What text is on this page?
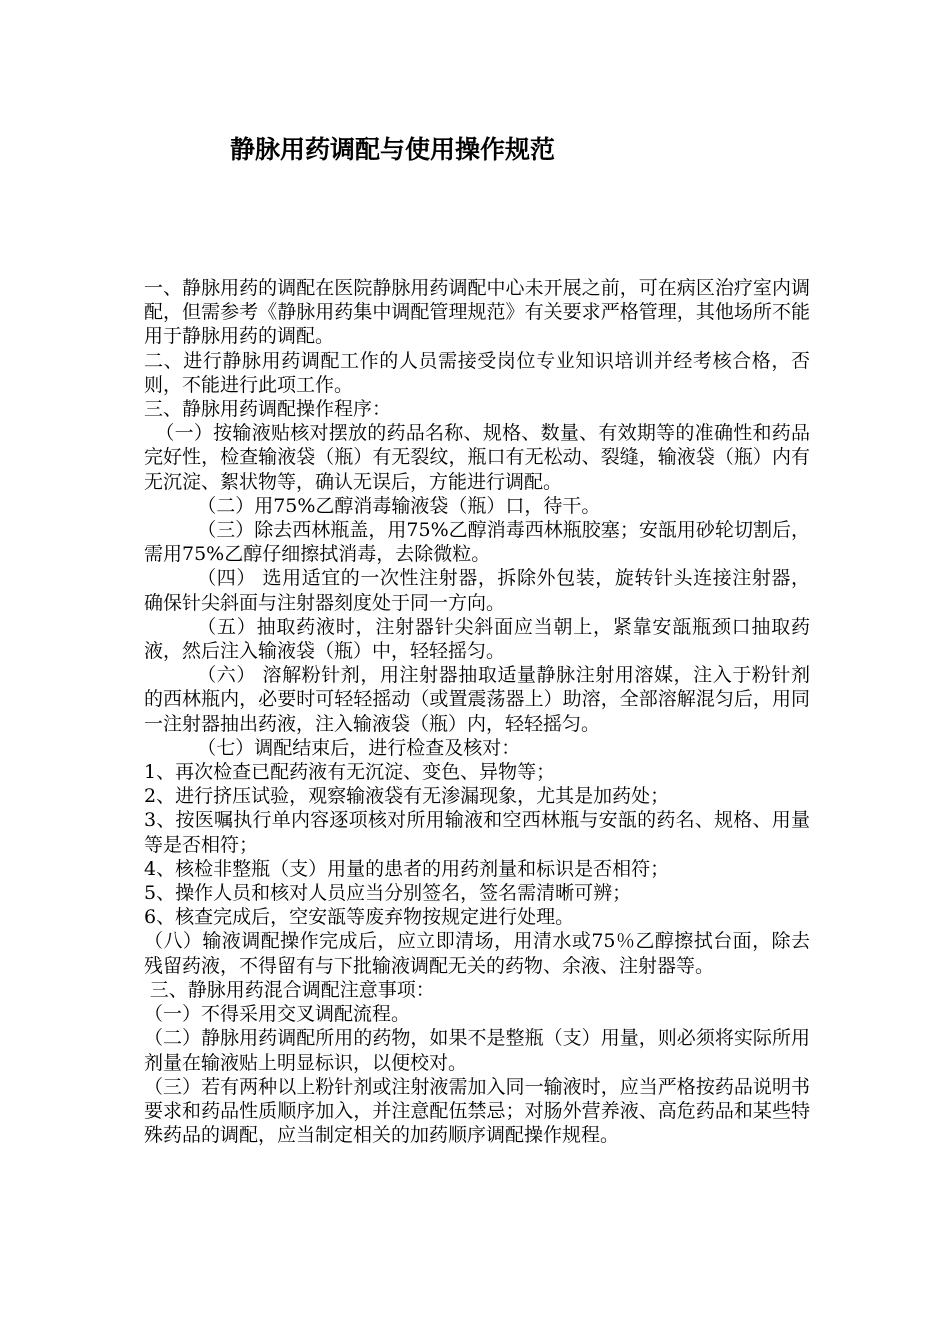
静脉用药调配与使用操作规范

一、静脉用药的调配在医院静脉用药调配中心未开展之前，可在病区治疗室内调配，但需参考《静脉用药集中调配管理规范》有关要求严格管理，其他场所不能用于静脉用药的调配。

二、进行静脉用药调配工作的人员需接受岗位专业知识培训并经考核合格，否则，不能进行此项工作。

三、静脉用药调配操作程序：

（一）按输液贴核对摆放的药品名称、规格、数量、有效期等的准确性和药品完好性，检查输液袋（瓶）有无裂纹，瓶口有无松动、裂缝，输液袋（瓶）内有无沉淀、絮状物等，确认无误后，方能进行调配。

（二）用75%乙醇消毒输液袋（瓶）口，待干。

（三）除去西林瓶盖，用75%乙醇消毒西林瓶胶塞；安瓿用砂轮切割后，需用75%乙醇仔细擦拭消毒，去除微粒。

（四） 选用适宜的一次性注射器，拆除外包装，旋转针头连接注射器，确保针尖斜面与注射器刻度处于同一方向。

（五）抽取药液时，注射器针尖斜面应当朝上，紧靠安瓿瓶颈口抽取药液，然后注入输液袋（瓶）中，轻轻摇匀。

（六） 溶解粉针剂，用注射器抽取适量静脉注射用溶媒，注入于粉针剂的西林瓶内，必要时可轻轻摇动（或置震荡器上）助溶，全部溶解混匀后，用同一注射器抽出药液，注入输液袋（瓶）内，轻轻摇匀。

（七）调配结束后，进行检查及核对：

1、再次检查已配药液有无沉淀、变色、异物等；

2、进行挤压试验，观察输液袋有无渗漏现象，尤其是加药处；

3、按医嘱执行单内容逐项核对所用输液和空西林瓶与安瓿的药名、规格、用量等是否相符；

4、核检非整瓶（支）用量的患者的用药剂量和标识是否相符；

5、操作人员和核对人员应当分别签名，签名需清晰可辨；

6、核查完成后，空安瓿等废弃物按规定进行处理。

（八）输液调配操作完成后，应立即清场，用清水或75％乙醇擦拭台面，除去残留药液，不得留有与下批输液调配无关的药物、余液、注射器等。

三、静脉用药混合调配注意事项：

（一）不得采用交叉调配流程。

（二）静脉用药调配所用的药物，如果不是整瓶（支）用量，则必须将实际所用剂量在输液贴上明显标识，以便校对。

（三）若有两种以上粉针剂或注射液需加入同一输液时，应当严格按药品说明书要求和药品性质顺序加入，并注意配伍禁忌；对肠外营养液、高危药品和某些特殊药品的调配，应当制定相关的加药顺序调配操作规程。
